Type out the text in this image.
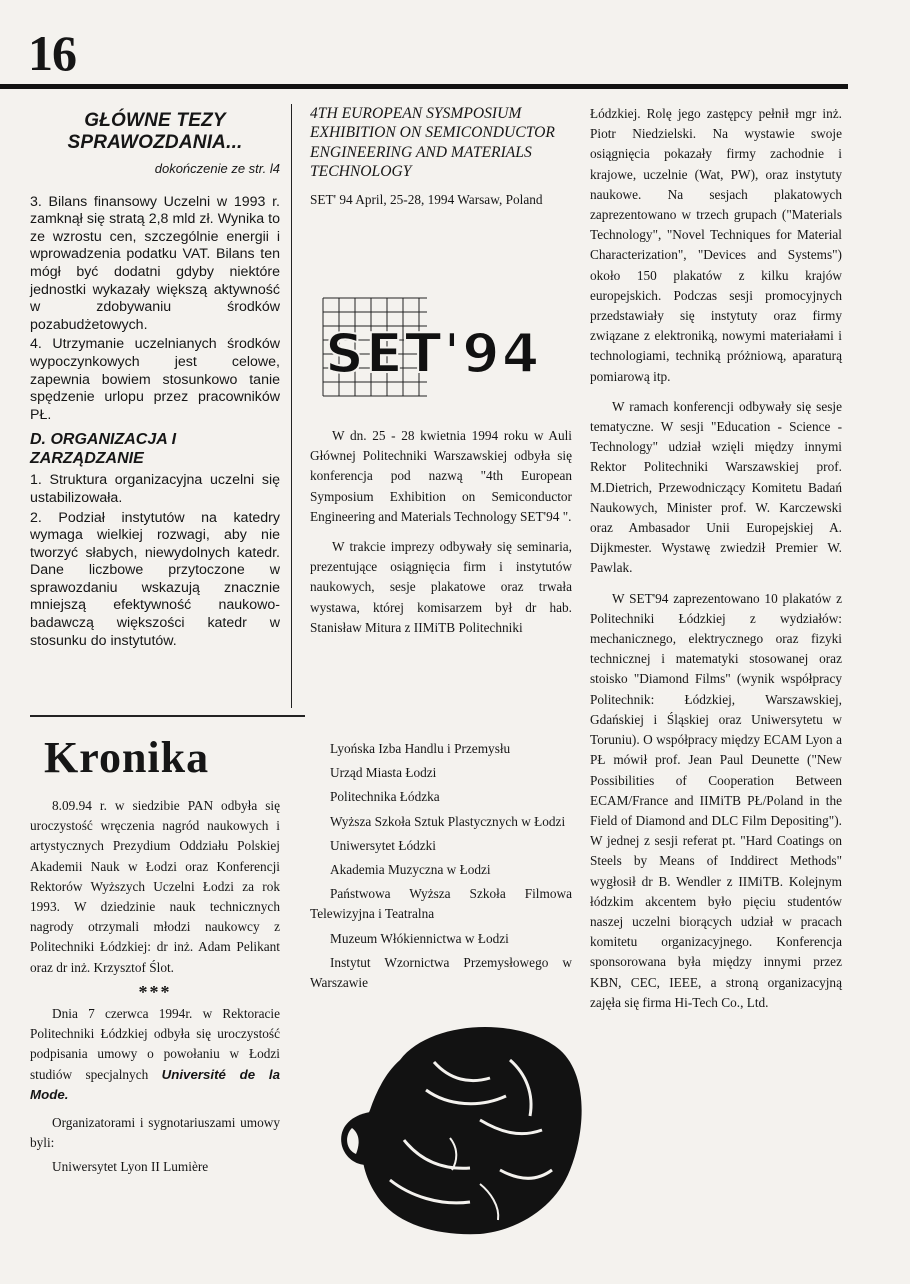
16
GŁÓWNE TEZY SPRAWOZDANIA...
dokończenie ze str. l4

3. Bilans finansowy Uczelni w 1993 r. zamknął się stratą 2,8 mld zł. Wynika to ze wzrostu cen, szczególnie energii i wprowadzenia podatku VAT. Bilans ten mógł być dodatni gdyby niektóre jednostki wykazały większą aktywność w zdobywaniu środków pozabudżetowych.

4. Utrzymanie uczelnianych środków wypoczynkowych jest celowe, zapewnia bowiem stosunkowo tanie spędzenie urlopu przez pracowników PŁ.

D. ORGANIZACJA I ZARZĄDZANIE

1. Struktura organizacyjna uczelni się ustabilizowała.

2. Podział instytutów na katedry wymaga wielkiej rozwagi, aby nie tworzyć słabych, niewydolnych katedr. Dane liczbowe przytoczone w sprawozdaniu wskazują znacznie mniejszą efektywność naukowo- badawczą większości katedr w stosunku do instytutów.

4TH EUROPEAN SYSMPOSIUM EXHIBITION ON SEMICONDUCTOR ENGINEERING AND MATERIALS TECHNOLOGY
SET' 94 April, 25-28, 1994 Warsaw, Poland
SET'94

W dn. 25 - 28 kwietnia 1994 roku w Auli Głównej Politechniki Warszawskiej odbyła się konferencja pod nazwą "4th European Symposium Exhibition on Semiconductor Engineering and Materials Technology SET'94 ".

W trakcie imprezy odbywały się seminaria, prezentujące osiągnięcia firm i instytutów naukowych, sesje plakatowe oraz trwała wystawa, której komisarzem był dr hab. Stanisław Mitura z IIMiTB Politechniki

Łódzkiej. Rolę jego zastępcy pełnił mgr inż. Piotr Niedzielski. Na wystawie swoje osiągnięcia pokazały firmy zachodnie i krajowe, uczelnie (Wat, PW), oraz instytuty naukowe. Na sesjach plakatowych zaprezentowano w trzech grupach ("Materials Technology", "Novel Techniques for Material Characterization", "Devices and Systems") około 150 plakatów z kilku krajów europejskich. Podczas sesji promocyjnych przedstawiały się instytuty oraz firmy związane z elektroniką, nowymi materiałami i technologiami, techniką próżniową, aparaturą pomiarową itp.

W ramach konferencji odbywały się sesje tematyczne. W sesji "Education - Science - Technology" udział wzięli między innymi Rektor Politechniki Warszawskiej prof. M.Dietrich, Przewodniczący Komitetu Badań Naukowych, Minister prof. W. Karczewski oraz Ambasador Unii Europejskiej A. Dijkmester. Wystawę zwiedził Premier W. Pawlak.

W SET'94 zaprezentowano 10 plakatów z Politechniki Łódzkiej z wydziałów: mechanicznego, elektrycznego oraz fizyki technicznej i matematyki stosowanej oraz stoisko "Diamond Films" (wynik współpracy Politechnik: Łódzkiej, Warszawskiej, Gdańskiej i Śląskiej oraz Uniwersytetu w Toruniu). O współpracy między ECAM Lyon a PŁ mówił prof. Jean Paul Deunette ("New Possibilities of Cooperation Between ECAM/France and IIMiTB PŁ/Poland in the Field of Diamond and DLC Film Depositing"). W jednej z sesji referat pt. "Hard Coatings on Steels by Means of Inddirect Methods" wygłosił dr B. Wendler z IIMiTB. Kolejnym łódzkim akcentem było pięciu studentów naszej uczelni biorących udział w pracach komitetu organizacyjnego. Konferencja sponsorowana była między innymi przez KBN, CEC, IEEE, a stroną organizacyjną zajęła się firma Hi-Tech Co., Ltd.

Kronika

8.09.94 r. w siedzibie PAN odbyła się uroczystość wręczenia nagród naukowych i artystycznych Prezydium Oddziału Polskiej Akademii Nauk w Łodzi oraz Konferencji Rektorów Wyższych Uczelni Łodzi za rok 1993. W dziedzinie nauk technicznych nagrody otrzymali młodzi naukowcy z Politechniki Łódzkiej: dr inż. Adam Pelikant oraz dr inż. Krzysztof Ślot.

***

Dnia 7 czerwca 1994r. w Rektoracie Politechniki Łódzkiej odbyła się uroczystość podpisania umowy o powołaniu w Łodzi studiów specjalnych Université de la Mode.

Organizatorami i sygnotariuszami umowy byli:

Uniwersytet Lyon II Lumière

Lyońska Izba Handlu i Przemysłu
Urząd Miasta Łodzi
Politechnika Łódzka
Wyższa Szkoła Sztuk Plastycznych w Łodzi
Uniwersytet Łódzki
Akademia Muzyczna w Łodzi
Państwowa Wyższa Szkoła Filmowa Telewizyjna i Teatralna
Muzeum Włókiennictwa w Łodzi
Instytut Wzornictwa Przemysłowego w Warszawie
